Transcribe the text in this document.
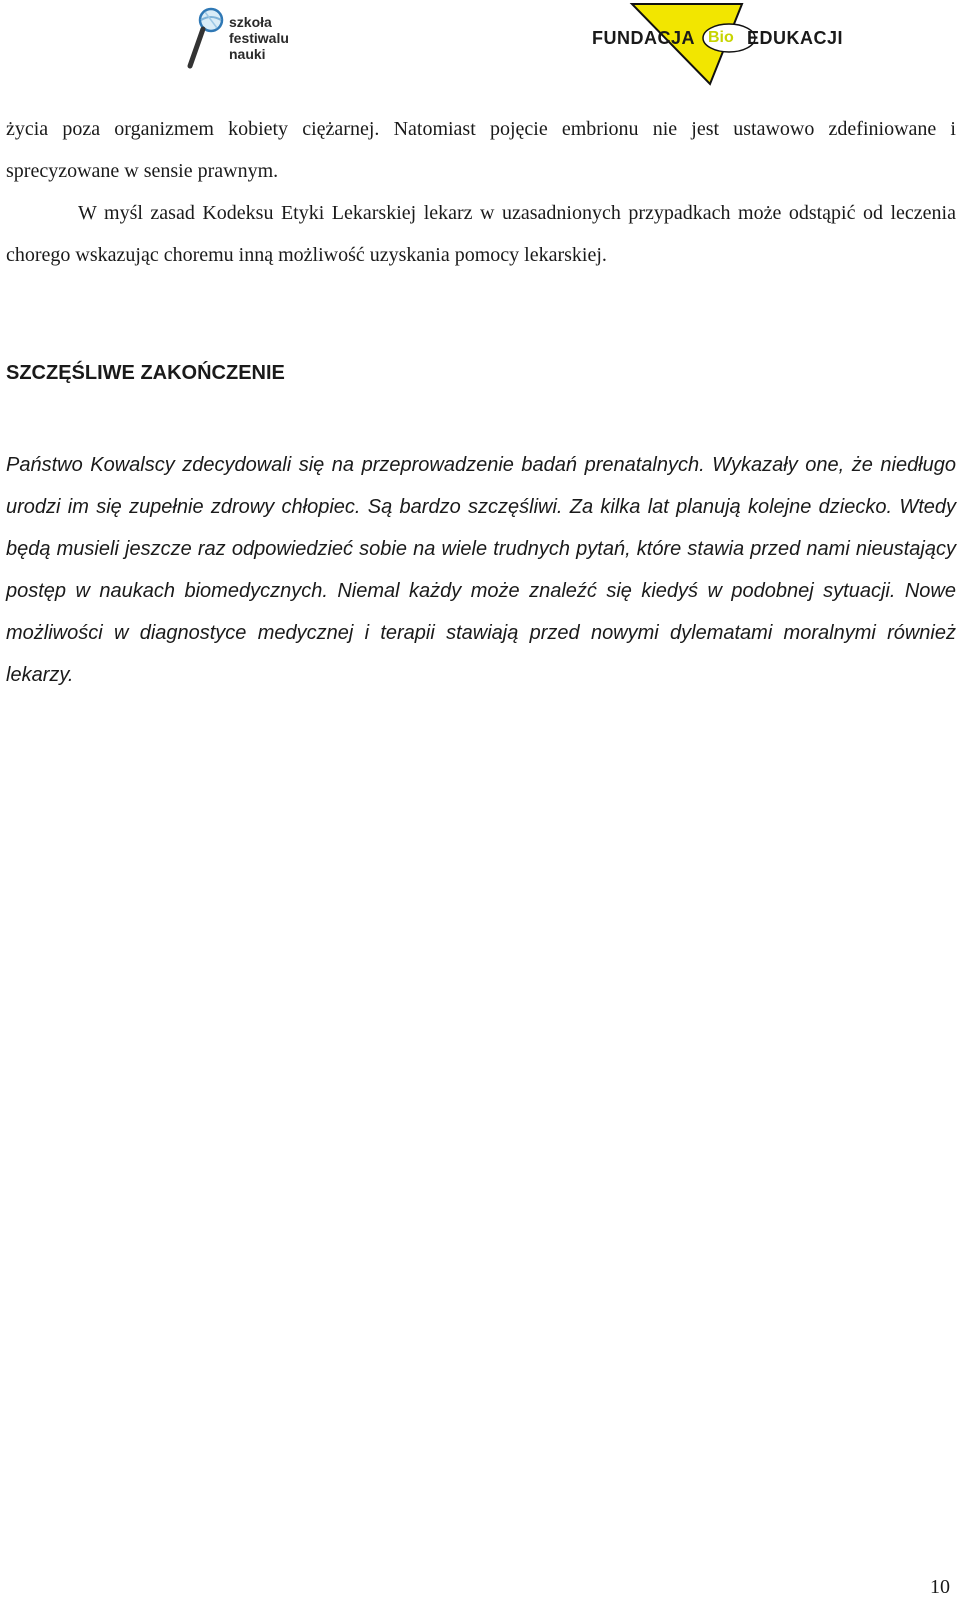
szkoła
festiwalu
nauki
FUNDACJA Bio EDUKACJI

życia poza organizmem kobiety ciężarnej. Natomiast pojęcie embrionu nie jest ustawowo zdefiniowane i sprecyzowane w sensie prawnym.

W myśl zasad Kodeksu Etyki Lekarskiej lekarz w uzasadnionych przypadkach może odstąpić od leczenia chorego wskazując choremu inną możliwość uzyskania pomocy lekarskiej.

SZCZĘŚLIWE ZAKOŃCZENIE

Państwo Kowalscy zdecydowali się na przeprowadzenie badań prenatalnych. Wykazały one, że niedługo urodzi im się zupełnie zdrowy chłopiec. Są bardzo szczęśliwi. Za kilka lat planują kolejne dziecko. Wtedy będą musieli jeszcze raz odpowiedzieć sobie na wiele trudnych pytań, które stawia przed nami nieustający postęp w naukach biomedycznych. Niemal każdy może znaleźć się kiedyś w podobnej sytuacji. Nowe możliwości w diagnostyce medycznej i terapii stawiają przed nowymi dylematami moralnymi również lekarzy.

10
